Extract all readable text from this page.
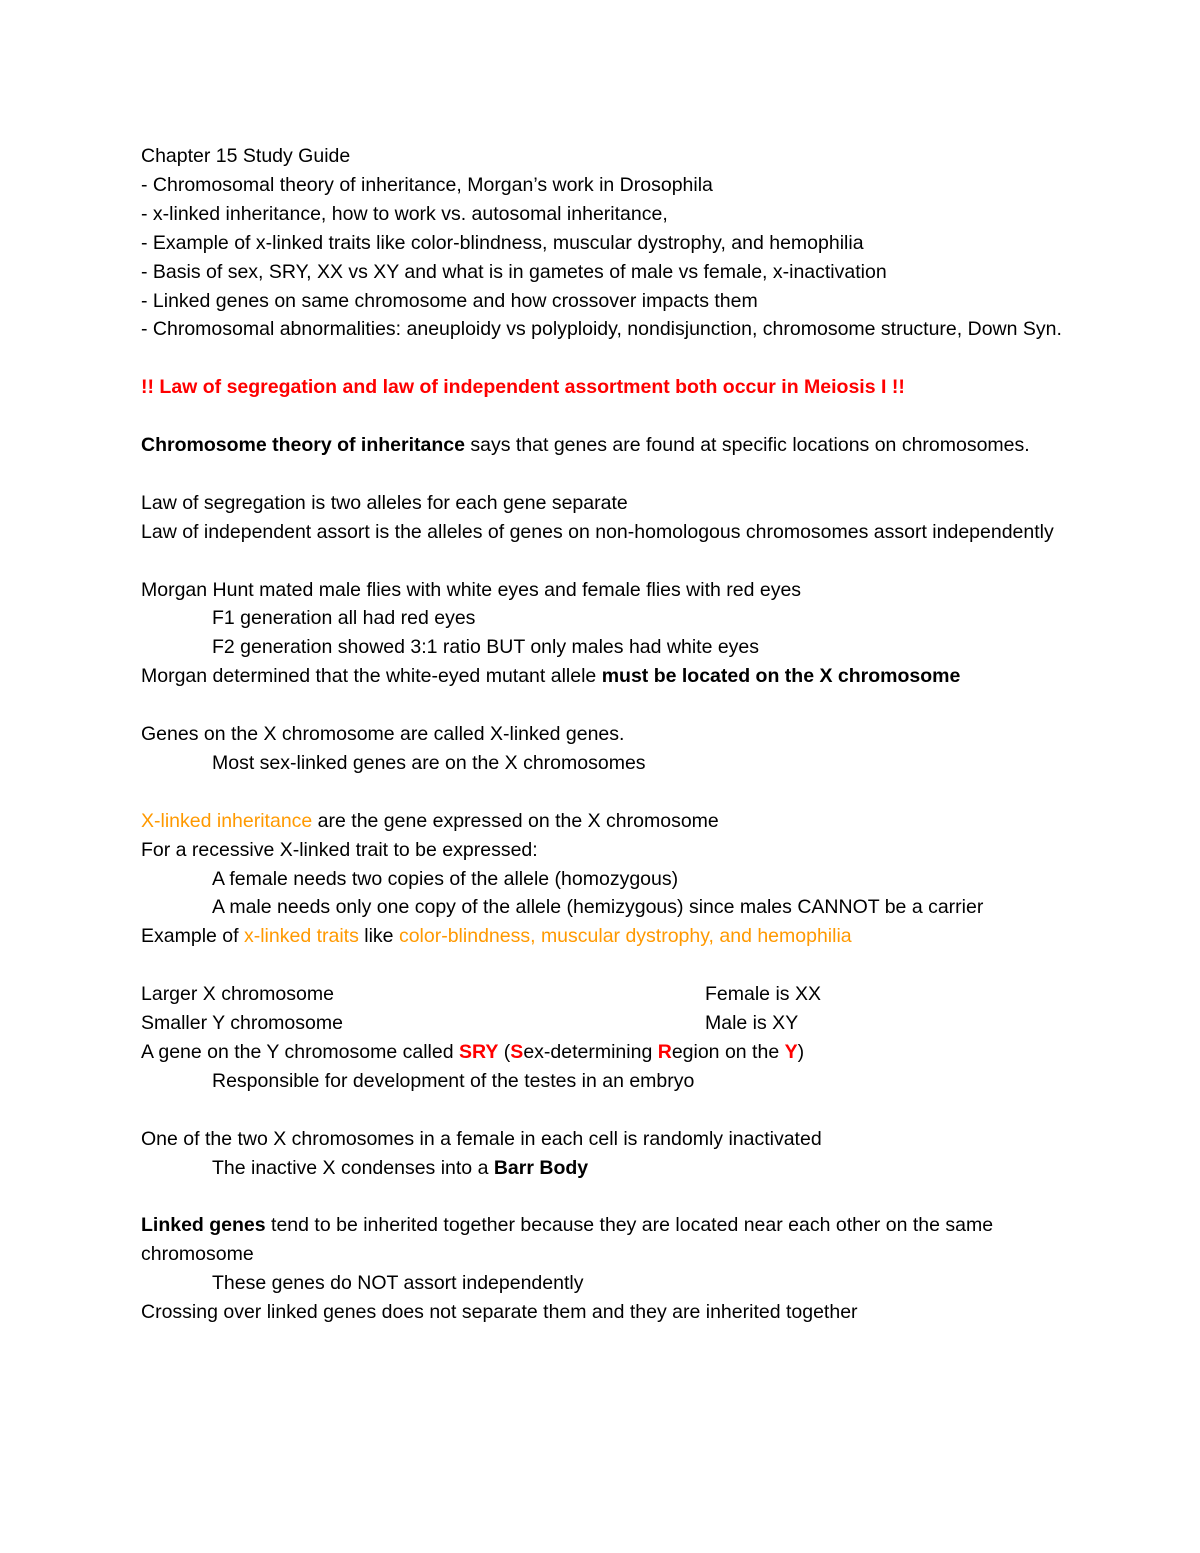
Chapter 15 Study Guide

- Chromosomal theory of inheritance, Morgan’s work in Drosophila

- x-linked inheritance, how to work vs. autosomal inheritance,

- Example of x-linked traits like color-blindness, muscular dystrophy, and hemophilia

- Basis of sex, SRY, XX vs XY and what is in gametes of male vs female, x-inactivation

- Linked genes on same chromosome and how crossover impacts them

- Chromosomal abnormalities: aneuploidy vs polyploidy, nondisjunction, chromosome structure, Down Syn.

!! Law of segregation and law of independent assortment both occur in Meiosis I !!

Chromosome theory of inheritance says that genes are found at specific locations on chromosomes.

Law of segregation is two alleles for each gene separate

Law of independent assort is the alleles of genes on non-homologous chromosomes assort independently

Morgan Hunt mated male flies with white eyes and female flies with red eyes

F1 generation all had red eyes

F2 generation showed 3:1 ratio BUT only males had white eyes

Morgan determined that the white-eyed mutant allele must be located on the X chromosome

Genes on the X chromosome are called X-linked genes.

Most sex-linked genes are on the X chromosomes

X-linked inheritance are the gene expressed on the X chromosome

For a recessive X-linked trait to be expressed:

A female needs two copies of the allele (homozygous)

A male needs only one copy of the allele (hemizygous) since males CANNOT be a carrier

Example of x-linked traits like color-blindness, muscular dystrophy, and hemophilia

Larger X chromosome	Female is XX
Smaller Y chromosome	Male is XY

A gene on the Y chromosome called SRY (Sex-determining Region on the Y)

Responsible for development of the testes in an embryo

One of the two X chromosomes in a female in each cell is randomly inactivated

The inactive X condenses into a Barr Body

Linked genes tend to be inherited together because they are located near each other on the same chromosome

These genes do NOT assort independently

Crossing over linked genes does not separate them and they are inherited together
